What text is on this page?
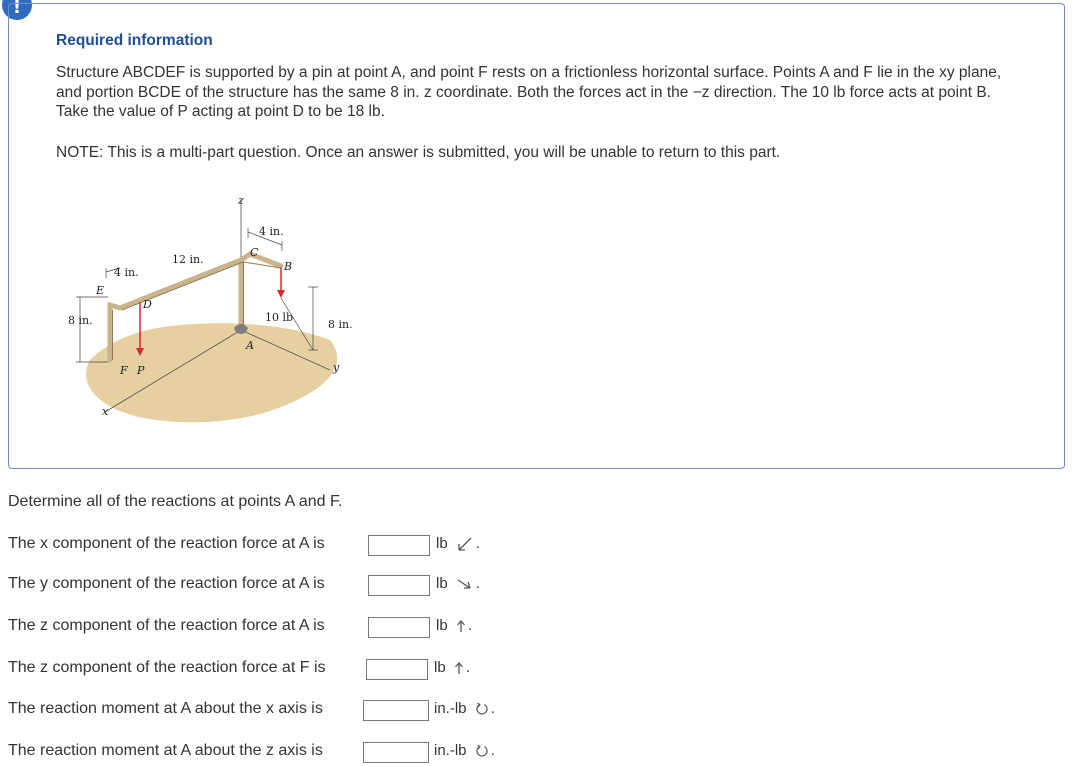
!
Required information
Structure ABCDEF is supported by a pin at point A, and point F rests on a frictionless horizontal surface. Points A and F lie in the xy plane, and portion BCDE of the structure has the same 8 in. z coordinate. Both the forces act in the −z direction. The 10 lb force acts at point B. Take the value of P acting at point D to be 18 lb.
NOTE: This is a multi-part question. Once an answer is submitted, you will be unable to return to this part.
z
x
y
4 in.
12 in.
4 in.
8 in.	8 in.
10 lb
A
B
C
D
E
F P
Determine all of the reactions at points A and F.
The x component of the reaction force at A is	lb .
The y component of the reaction force at A is	lb .
The z component of the reaction force at A is	lb .
The z component of the reaction force at F is	lb .
The reaction moment at A about the x axis is	in.-lb .
The reaction moment at A about the z axis is	in.-lb .
